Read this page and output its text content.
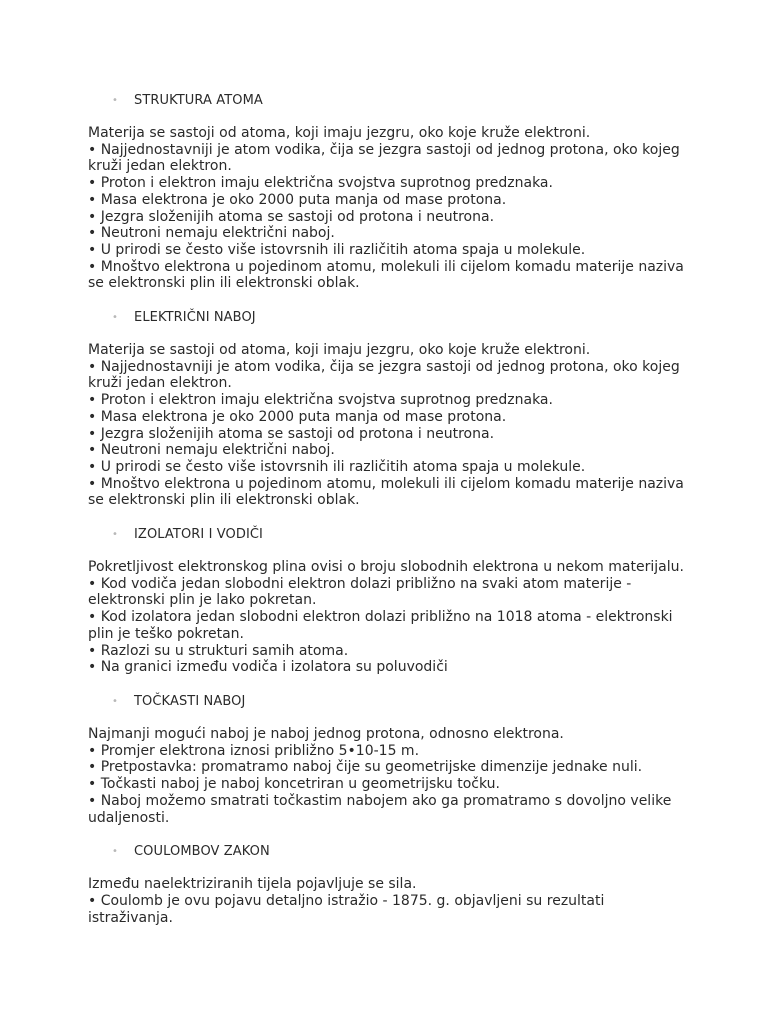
• STRUKTURA ATOMA
Materija se sastoji od atoma, koji imaju jezgru, oko koje kruže elektroni.
• Najjednostavniji je atom vodika, čija se jezgra sastoji od jednog protona, oko kojeg
kruži jedan elektron.
• Proton i elektron imaju električna svojstva suprotnog predznaka.
• Masa elektrona je oko 2000 puta manja od mase protona.
• Jezgra složenijih atoma se sastoji od protona i neutrona.
• Neutroni nemaju električni naboj.
• U prirodi se često više istovrsnih ili različitih atoma spaja u molekule.
• Mnoštvo elektrona u pojedinom atomu, molekuli ili cijelom komadu materije naziva
se elektronski plin ili elektronski oblak.
• ELEKTRIČNI NABOJ
Materija se sastoji od atoma, koji imaju jezgru, oko koje kruže elektroni.
• Najjednostavniji je atom vodika, čija se jezgra sastoji od jednog protona, oko kojeg
kruži jedan elektron.
• Proton i elektron imaju električna svojstva suprotnog predznaka.
• Masa elektrona je oko 2000 puta manja od mase protona.
• Jezgra složenijih atoma se sastoji od protona i neutrona.
• Neutroni nemaju električni naboj.
• U prirodi se često više istovrsnih ili različitih atoma spaja u molekule.
• Mnoštvo elektrona u pojedinom atomu, molekuli ili cijelom komadu materije naziva
se elektronski plin ili elektronski oblak.
• IZOLATORI I VODIČI
Pokretljivost elektronskog plina ovisi o broju slobodnih elektrona u nekom materijalu.
• Kod vodiča jedan slobodni elektron dolazi približno na svaki atom materije -
elektronski plin je lako pokretan.
• Kod izolatora jedan slobodni elektron dolazi približno na 1018 atoma - elektronski
plin je teško pokretan.
• Razlozi su u strukturi samih atoma.
• Na granici između vodiča i izolatora su poluvodiči
• TOČKASTI NABOJ
Najmanji mogući naboj je naboj jednog protona, odnosno elektrona.
• Promjer elektrona iznosi približno 5•10-15 m.
• Pretpostavka: promatramo naboj čije su geometrijske dimenzije jednake nuli.
• Točkasti naboj je naboj koncetriran u geometrijsku točku.
• Naboj možemo smatrati točkastim nabojem ako ga promatramo s dovoljno velike
udaljenosti.
• COULOMBOV ZAKON
Između naelektriziranih tijela pojavljuje se sila.
• Coulomb je ovu pojavu detaljno istražio - 1875. g. objavljeni su rezultati
istraživanja.
